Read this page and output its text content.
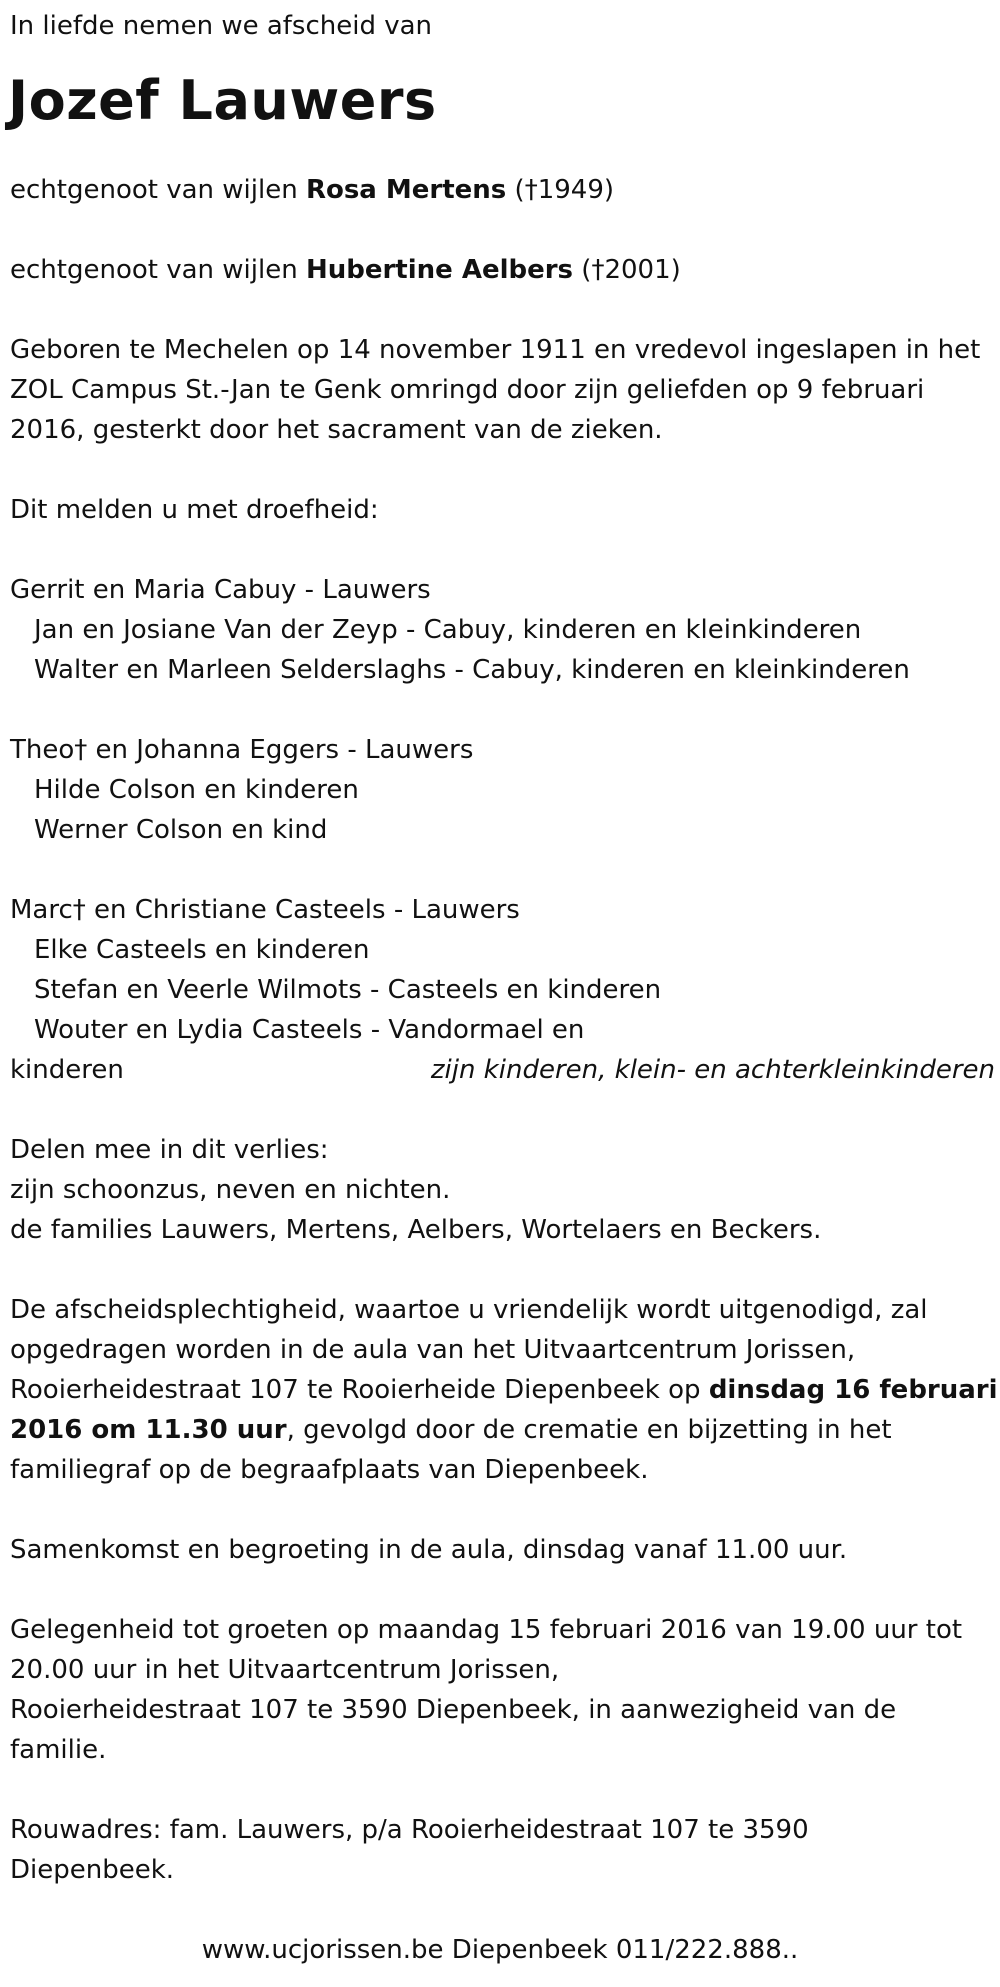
In liefde nemen we afscheid van
Jozef Lauwers
echtgenoot van wijlen Rosa Mertens (†1949)
echtgenoot van wijlen Hubertine Aelbers (†2001)
Geboren te Mechelen op 14 november 1911 en vredevol ingeslapen in het
ZOL Campus St.-Jan te Genk omringd door zijn geliefden op 9 februari
2016, gesterkt door het sacrament van de zieken.
Dit melden u met droefheid:
Gerrit en Maria Cabuy - Lauwers
Jan en Josiane Van der Zeyp - Cabuy, kinderen en kleinkinderen
Walter en Marleen Selderslaghs - Cabuy, kinderen en kleinkinderen
Theo† en Johanna Eggers - Lauwers
Hilde Colson en kinderen
Werner Colson en kind
Marc† en Christiane Casteels - Lauwers
Elke Casteels en kinderen
Stefan en Veerle Wilmots - Casteels en kinderen
Wouter en Lydia Casteels - Vandormael en
kinderen	zijn kinderen, klein- en achterkleinkinderen
Delen mee in dit verlies:
zijn schoonzus, neven en nichten.
de families Lauwers, Mertens, Aelbers, Wortelaers en Beckers.
De afscheidsplechtigheid, waartoe u vriendelijk wordt uitgenodigd, zal
opgedragen worden in de aula van het Uitvaartcentrum Jorissen,
Rooierheidestraat 107 te Rooierheide Diepenbeek op dinsdag 16 februari
2016 om 11.30 uur, gevolgd door de crematie en bijzetting in het
familiegraf op de begraafplaats van Diepenbeek.
Samenkomst en begroeting in de aula, dinsdag vanaf 11.00 uur.
Gelegenheid tot groeten op maandag 15 februari 2016 van 19.00 uur tot
20.00 uur in het Uitvaartcentrum Jorissen,
Rooierheidestraat 107 te 3590 Diepenbeek, in aanwezigheid van de
familie.
Rouwadres: fam. Lauwers, p/a Rooierheidestraat 107 te 3590
Diepenbeek.
www.ucjorissen.be Diepenbeek 011/222.888..
